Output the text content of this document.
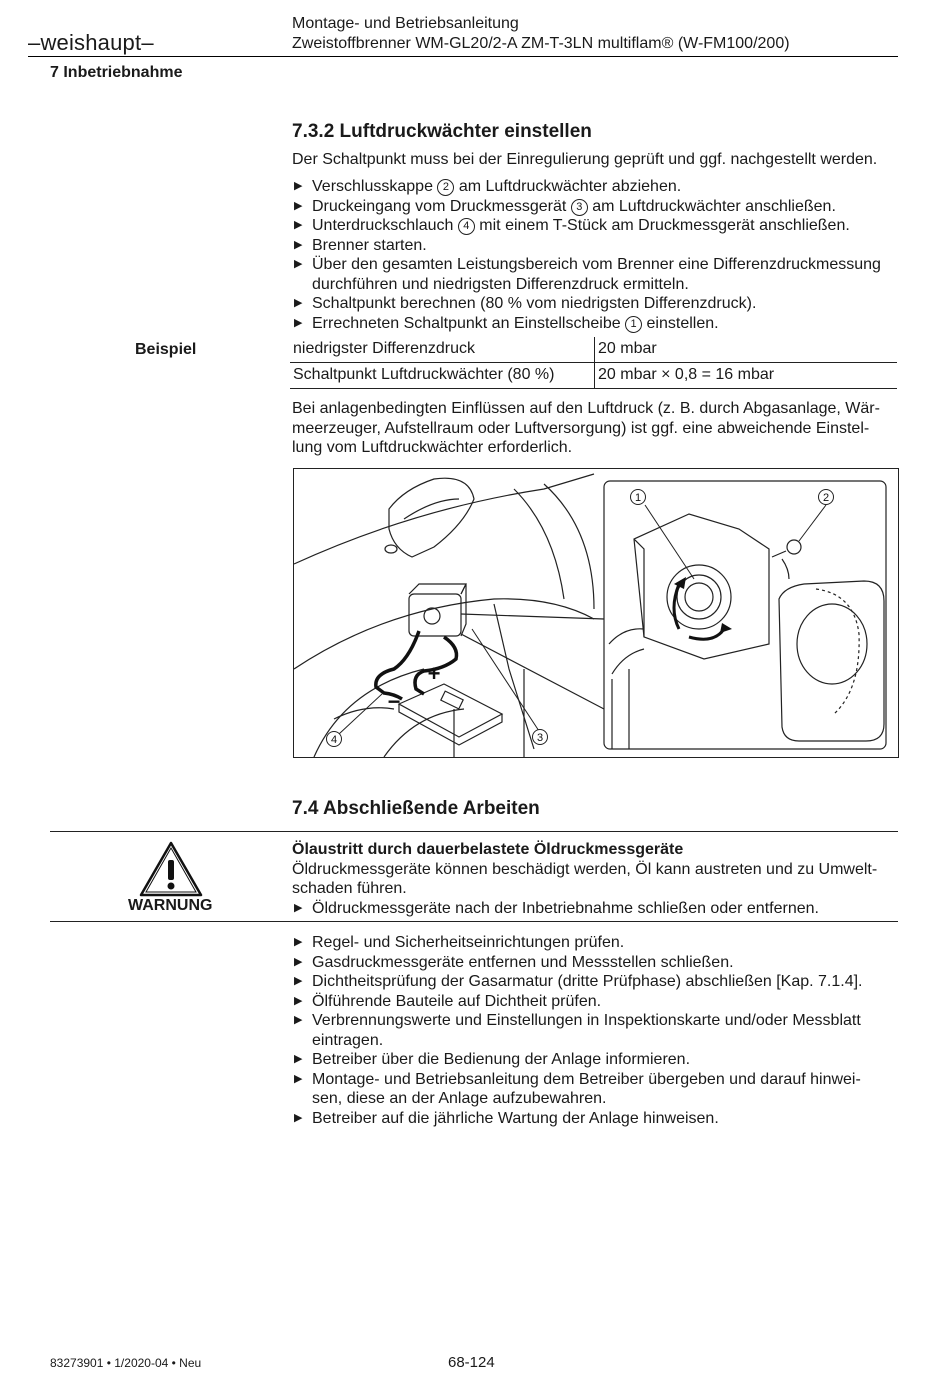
–weishaupt–
Montage- und Betriebsanleitung
Zweistoffbrenner WM-GL20/2-A ZM-T-3LN multiflam® (W-FM100/200)
7 Inbetriebnahme
7.3.2 Luftdruckwächter einstellen
Der Schaltpunkt muss bei der Einregulierung geprüft und ggf. nachgestellt werden.
▶ Verschlusskappe 2 am Luftdruckwächter abziehen.
▶ Druckeingang vom Druckmessgerät 3 am Luftdruckwächter anschließen.
▶ Unterdruckschlauch 4 mit einem T-Stück am Druckmessgerät anschließen.
▶ Brenner starten.
▶ Über den gesamten Leistungsbereich vom Brenner eine Differenzdruckmessung durchführen und niedrigsten Differenzdruck ermitteln.
▶ Schaltpunkt berechnen (80 % vom niedrigsten Differenzdruck).
▶ Errechneten Schaltpunkt an Einstellscheibe 1 einstellen.
Beispiel	niedrigster Differenzdruck	20 mbar
Schaltpunkt Luftdruckwächter (80 %)	20 mbar × 0,8 = 16 mbar
Bei anlagenbedingten Einflüssen auf den Luftdruck (z. B. durch Abgasanlage, Wär-
meerzeuger, Aufstellraum oder Luftversorgung) ist ggf. eine abweichende Einstel-
lung vom Luftdruckwächter erforderlich.
1	2
3
4
+
−
7.4 Abschließende Arbeiten
WARNUNG
Ölaustritt durch dauerbelastete Öldruckmessgeräte
Öldruckmessgeräte können beschädigt werden, Öl kann austreten und zu Umwelt-
schaden führen.
▶ Öldruckmessgeräte nach der Inbetriebnahme schließen oder entfernen.
▶ Regel- und Sicherheitseinrichtungen prüfen.
▶ Gasdruckmessgeräte entfernen und Messstellen schließen.
▶ Dichtheitsprüfung der Gasarmatur (dritte Prüfphase) abschließen [Kap. 7.1.4].
▶ Ölführende Bauteile auf Dichtheit prüfen.
▶ Verbrennungswerte und Einstellungen in Inspektionskarte und/oder Messblatt eintragen.
▶ Betreiber über die Bedienung der Anlage informieren.
▶ Montage- und Betriebsanleitung dem Betreiber übergeben und darauf hinwei- sen, diese an der Anlage aufzubewahren.
▶ Betreiber auf die jährliche Wartung der Anlage hinweisen.
83273901 • 1/2020-04 • Neu	68-124
